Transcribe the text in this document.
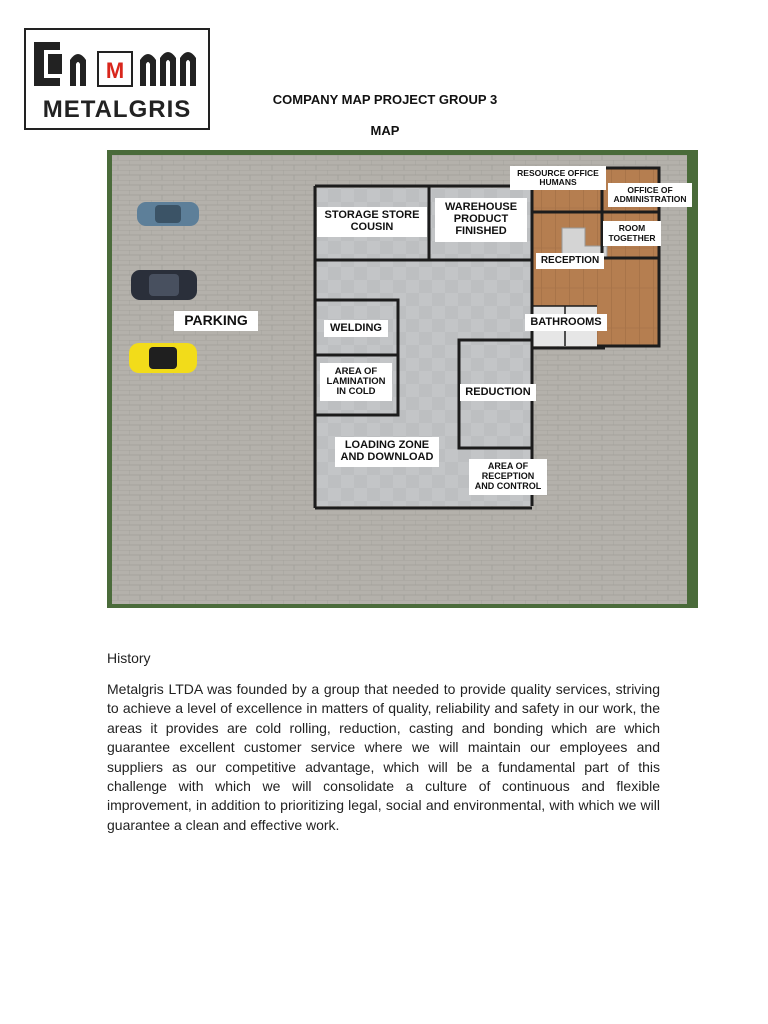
M
METALGRIS	COMPANY MAP PROJECT GROUP 3
MAP
PARKING
STORAGE STORE
COUSIN
WAREHOUSE
PRODUCT
FINISHED
RESOURCE OFFICE
HUMANS
OFFICE OF
ADMINISTRATION
ROOM
TOGETHER
RECEPTION
BATHROOMS
WELDING
AREA OF
LAMINATION
IN COLD	REDUCTION
LOADING ZONE
AND DOWNLOAD
AREA OF
RECEPTION
AND CONTROL
History

Metalgris LTDA was founded by a group that needed to provide quality services, striving to achieve a level of excellence in matters of quality, reliability and safety in our work, the areas it provides are cold rolling, reduction, casting and bonding which are which guarantee excellent customer service where we will maintain our employees and suppliers as our competitive advantage, which will be a fundamental part of this challenge with which we will consolidate a culture of continuous and flexible improvement, in addition to prioritizing legal, social and environmental, with which we will guarantee a clean and effective work.
